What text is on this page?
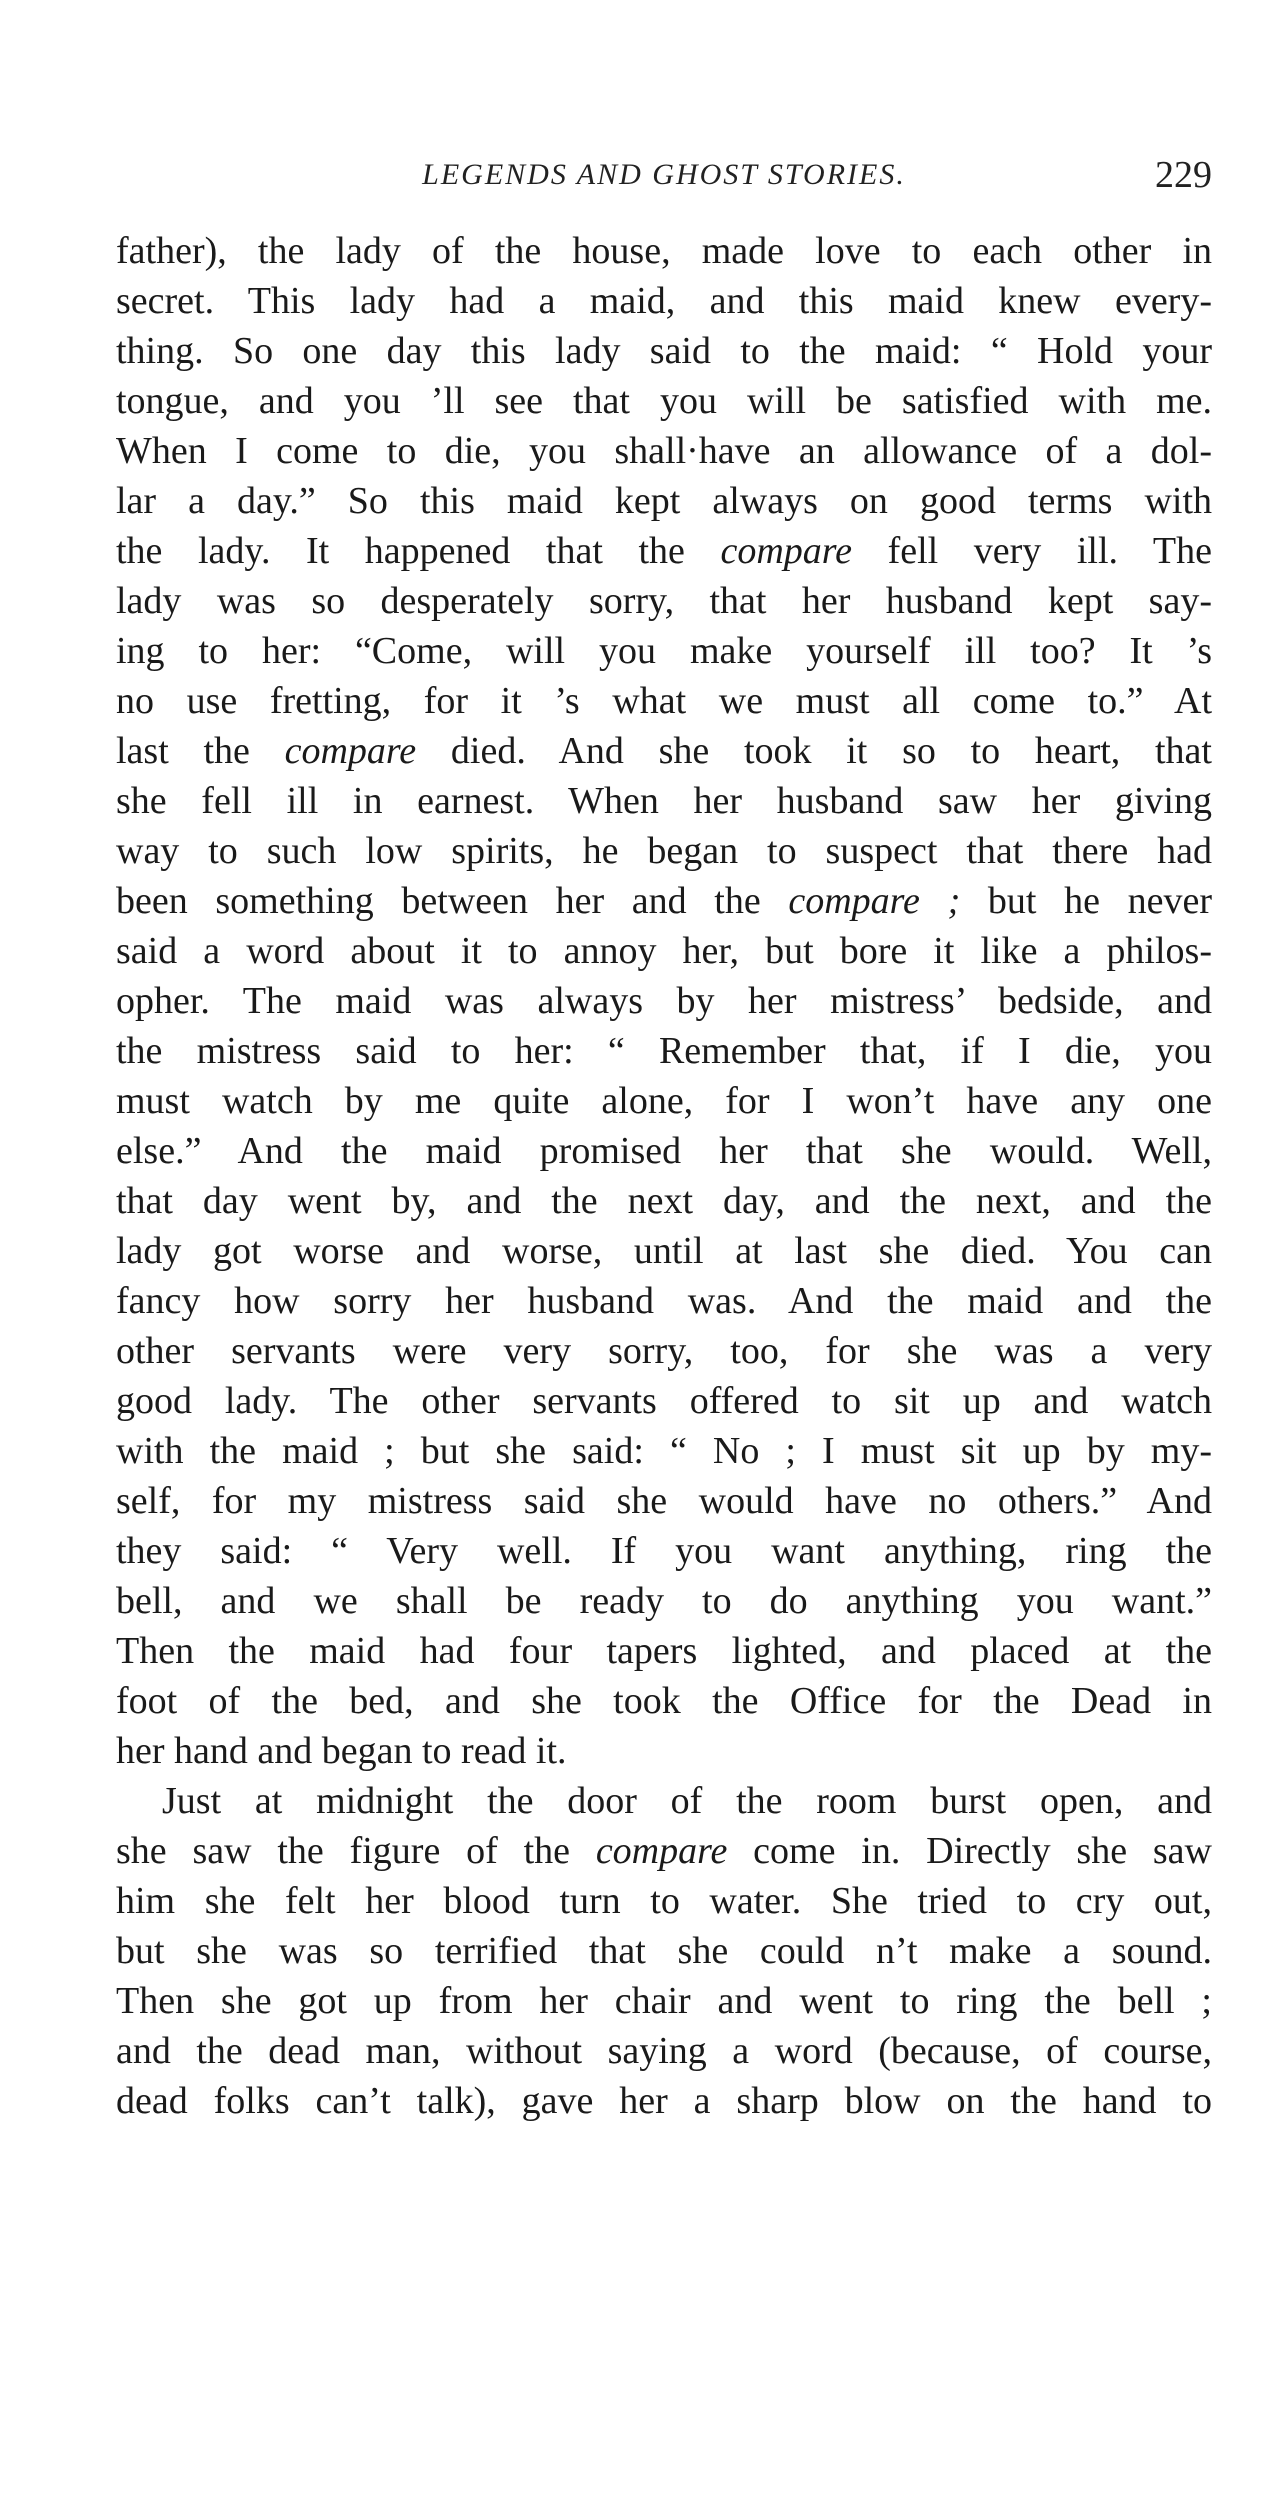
LEGENDS AND GHOST STORIES.	229
father), the lady of the house, made love to each other in
secret. This lady had a maid, and this maid knew every-
thing. So one day this lady said to the maid: “ Hold your
tongue, and you ’ll see that you will be satisfied with me.
When I come to die, you shall·have an allowance of a dol-
lar a day.” So this maid kept always on good terms with
the lady. It happened that the compare fell very ill. The
lady was so desperately sorry, that her husband kept say-
ing to her: “Come, will you make yourself ill too? It ’s
no use fretting, for it ’s what we must all come to.” At
last the compare died. And she took it so to heart, that
she fell ill in earnest. When her husband saw her giving
way to such low spirits, he began to suspect that there had
been something between her and the compare ; but he never
said a word about it to annoy her, but bore it like a philos-
opher. The maid was always by her mistress’ bedside, and
the mistress said to her: “ Remember that, if I die, you
must watch by me quite alone, for I won’t have any one
else.” And the maid promised her that she would. Well,
that day went by, and the next day, and the next, and the
lady got worse and worse, until at last she died. You can
fancy how sorry her husband was. And the maid and the
other servants were very sorry, too, for she was a very
good lady. The other servants offered to sit up and watch
with the maid ; but she said: “ No ; I must sit up by my-
self, for my mistress said she would have no others.” And
they said: “ Very well. If you want anything, ring the
bell, and we shall be ready to do anything you want.”
Then the maid had four tapers lighted, and placed at the
foot of the bed, and she took the Office for the Dead in
her hand and began to read it.
Just at midnight the door of the room burst open, and
she saw the figure of the compare come in. Directly she saw
him she felt her blood turn to water. She tried to cry out,
but she was so terrified that she could n’t make a sound.
Then she got up from her chair and went to ring the bell ;
and the dead man, without saying a word (because, of course,
dead folks can’t talk), gave her a sharp blow on the hand to
